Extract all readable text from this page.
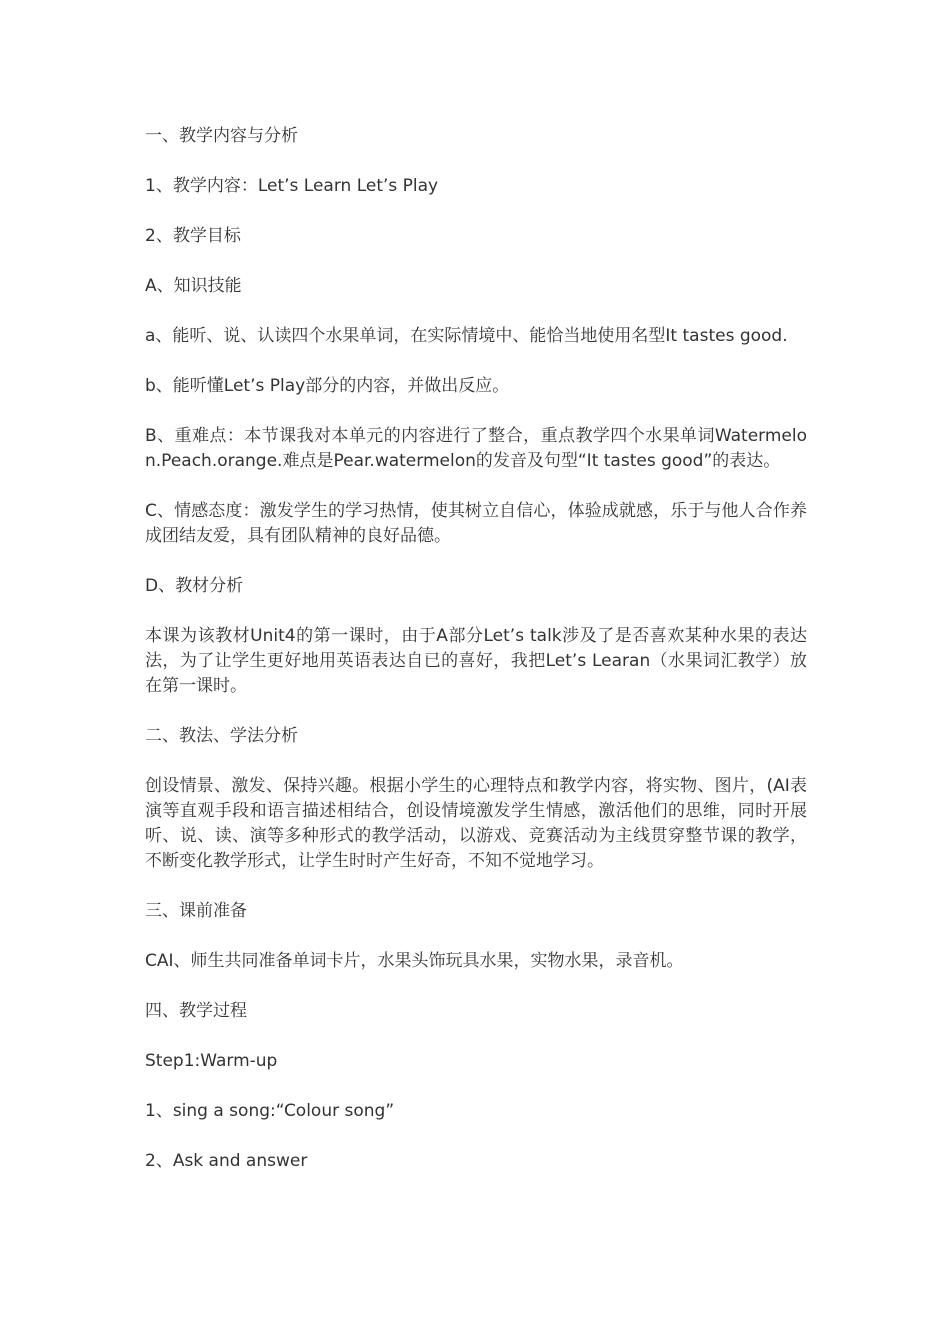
一、教学内容与分析

1、教学内容：Let’s Learn Let’s Play

2、教学目标

A、知识技能

a、能听、说、认读四个水果单词，在实际情境中、能恰当地使用名型It tastes good.

b、能听懂Let’s Play部分的内容，并做出反应。

B、重难点：本节课我对本单元的内容进行了整合，重点教学四个水果单词Watermelon.Peach.orange.难点是Pear.watermelon的发音及句型“It tastes good”的表达。

C、情感态度：激发学生的学习热情，使其树立自信心，体验成就感，乐于与他人合作养成团结友爱，具有团队精神的良好品德。

D、教材分析

本课为该教材Unit4的第一课时，由于A部分Let’s talk涉及了是否喜欢某种水果的表达法，为了让学生更好地用英语表达自已的喜好，我把Let’s Learan（水果词汇教学）放在第一课时。

二、教法、学法分析

创设情景、激发、保持兴趣。根据小学生的心理特点和教学内容，将实物、图片，(AI表演等直观手段和语言描述相结合，创设情境激发学生情感，激活他们的思维，同时开展听、说、读、演等多种形式的教学活动，以游戏、竞赛活动为主线贯穿整节课的教学，不断变化教学形式，让学生时时产生好奇，不知不觉地学习。

三、课前准备

CAI、师生共同准备单词卡片，水果头饰玩具水果，实物水果，录音机。

四、教学过程

Step1:Warm-up

1、sing a song:“Colour song”

2、Ask and answer
